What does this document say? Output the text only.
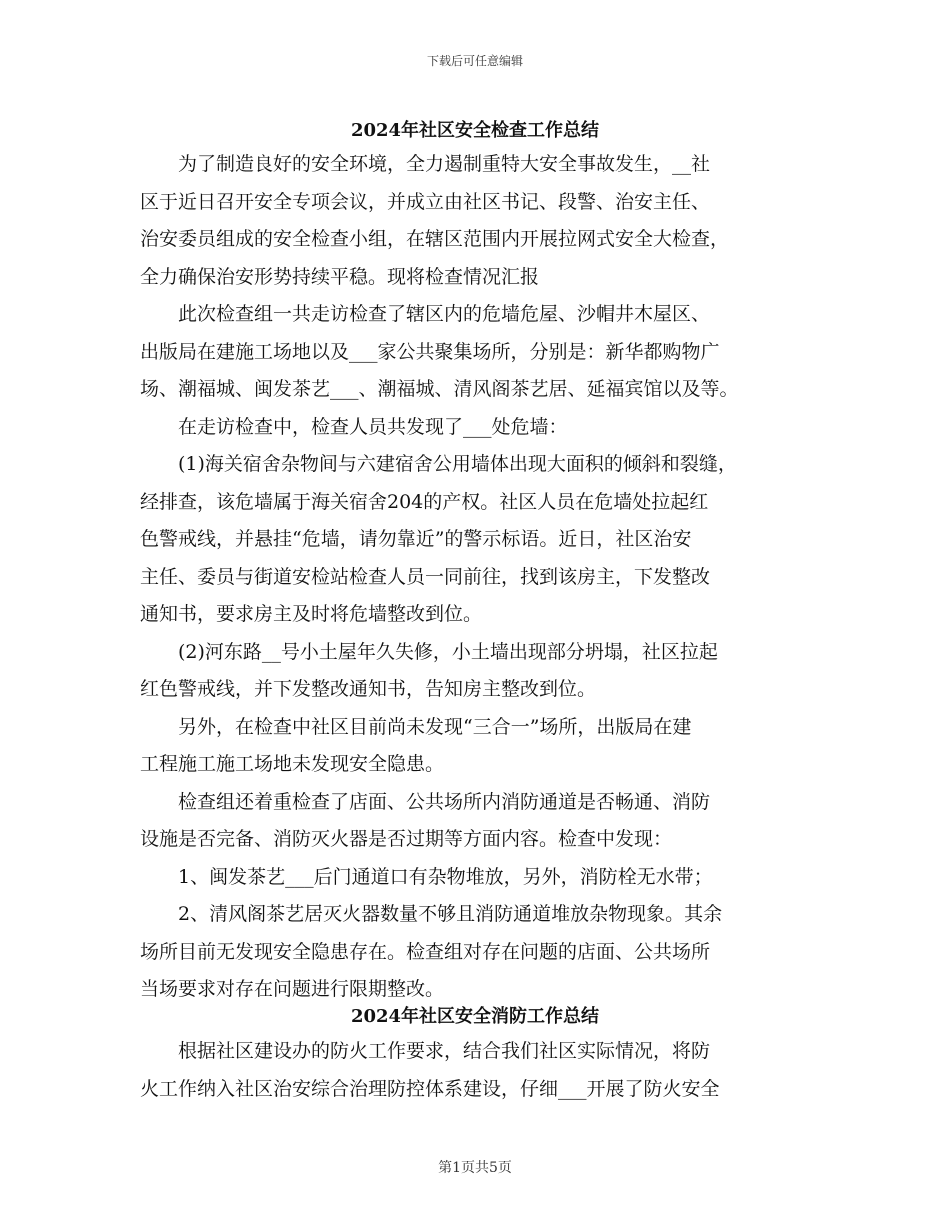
下载后可任意编辑
2024年社区安全检查工作总结

为了制造良好的安全环境，全力遏制重特大安全事故发生，__社
区于近日召开安全专项会议，并成立由社区书记、段警、治安主任、
治安委员组成的安全检查小组，在辖区范围内开展拉网式安全大检查，
全力确保治安形势持续平稳。现将检查情况汇报

此次检查组一共走访检查了辖区内的危墙危屋、沙帽井木屋区、
出版局在建施工场地以及___家公共聚集场所，分别是：新华都购物广
场、潮福城、闽发茶艺___、潮福城、清风阁茶艺居、延福宾馆以及等。

在走访检查中，检查人员共发现了___处危墙：

(1)海关宿舍杂物间与六建宿舍公用墙体出现大面积的倾斜和裂缝，
经排查，该危墙属于海关宿舍204的产权。社区人员在危墙处拉起红
色警戒线，并悬挂“危墙，请勿靠近”的警示标语。近日，社区治安
主任、委员与街道安检站检查人员一同前往，找到该房主，下发整改
通知书，要求房主及时将危墙整改到位。

(2)河东路__号小土屋年久失修，小土墙出现部分坍塌，社区拉起
红色警戒线，并下发整改通知书，告知房主整改到位。

另外，在检查中社区目前尚未发现“三合一”场所，出版局在建
工程施工施工场地未发现安全隐患。

检查组还着重检查了店面、公共场所内消防通道是否畅通、消防
设施是否完备、消防灭火器是否过期等方面内容。检查中发现：

1、闽发茶艺___后门通道口有杂物堆放，另外，消防栓无水带；

2、清风阁茶艺居灭火器数量不够且消防通道堆放杂物现象。其余
场所目前无发现安全隐患存在。检查组对存在问题的店面、公共场所
当场要求对存在问题进行限期整改。

2024年社区安全消防工作总结

根据社区建设办的防火工作要求，结合我们社区实际情况，将防
火工作纳入社区治安综合治理防控体系建设，仔细___开展了防火安全

第1页共5页
